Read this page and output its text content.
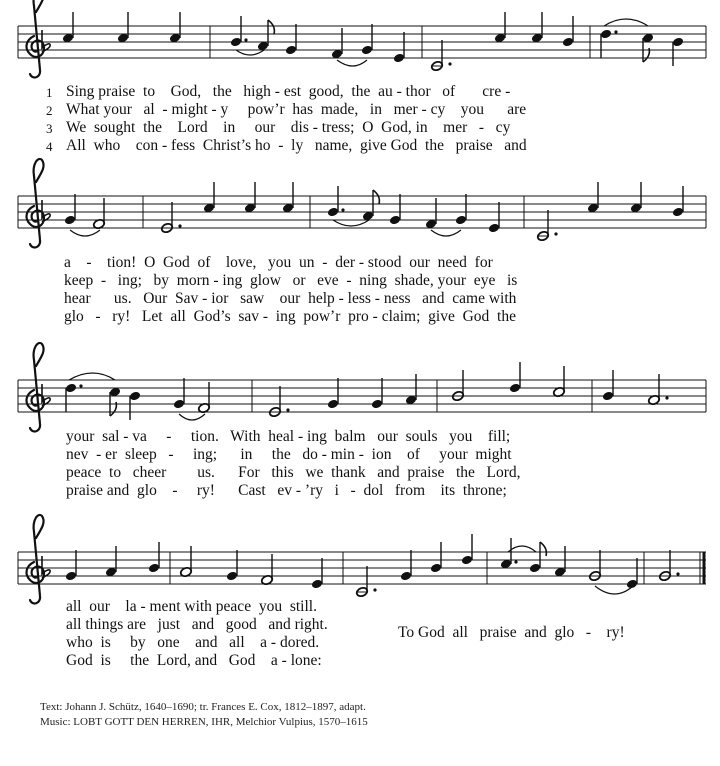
1
2
3
4
Sing praise  to    God,   the   high - est  good,  the  au - thor   of       cre -
What your   al  - might - y     pow’r  has  made,   in   mer - cy    you      are
We  sought  the    Lord    in     our    dis - tress;  O  God, in    mer   -   cy
All  who    con - fess  Christ’s ho  -  ly   name,  give God  the   praise   and
a    -    tion!  O  God  of    love,   you  un  -  der - stood  our  need  for
keep  -   ing;   by  morn - ing  glow   or   eve  -  ning  shade, your  eye   is
hear      us.   Our  Sav - ior   saw    our  help - less - ness   and  came with
glo   -   ry!   Let  all  God’s  sav -  ing  pow’r  pro - claim;  give  God  the
your  sal - va     -     tion.   With  heal - ing  balm   our  souls   you    fill;
nev  - er  sleep   -     ing;      in     the   do - min -  ion    of     your  might
peace  to   cheer        us.      For   this   we  thank   and  praise   the   Lord,
praise and  glo    -     ry!      Cast   ev - ’ry   i   -  dol   from    its  throne;
all  our    la - ment with peace  you  still.
all things are   just   and   good   and right.
who  is     by   one    and   all    a - dored.
God  is     the  Lord, and   God    a - lone:
To God  all   praise  and  glo   -    ry!
Text: Johann J. Schütz, 1640–1690; tr. Frances E. Cox, 1812–1897, adapt.
Music: LOBT GOTT DEN HERREN, IHR, Melchior Vulpius, 1570–1615
